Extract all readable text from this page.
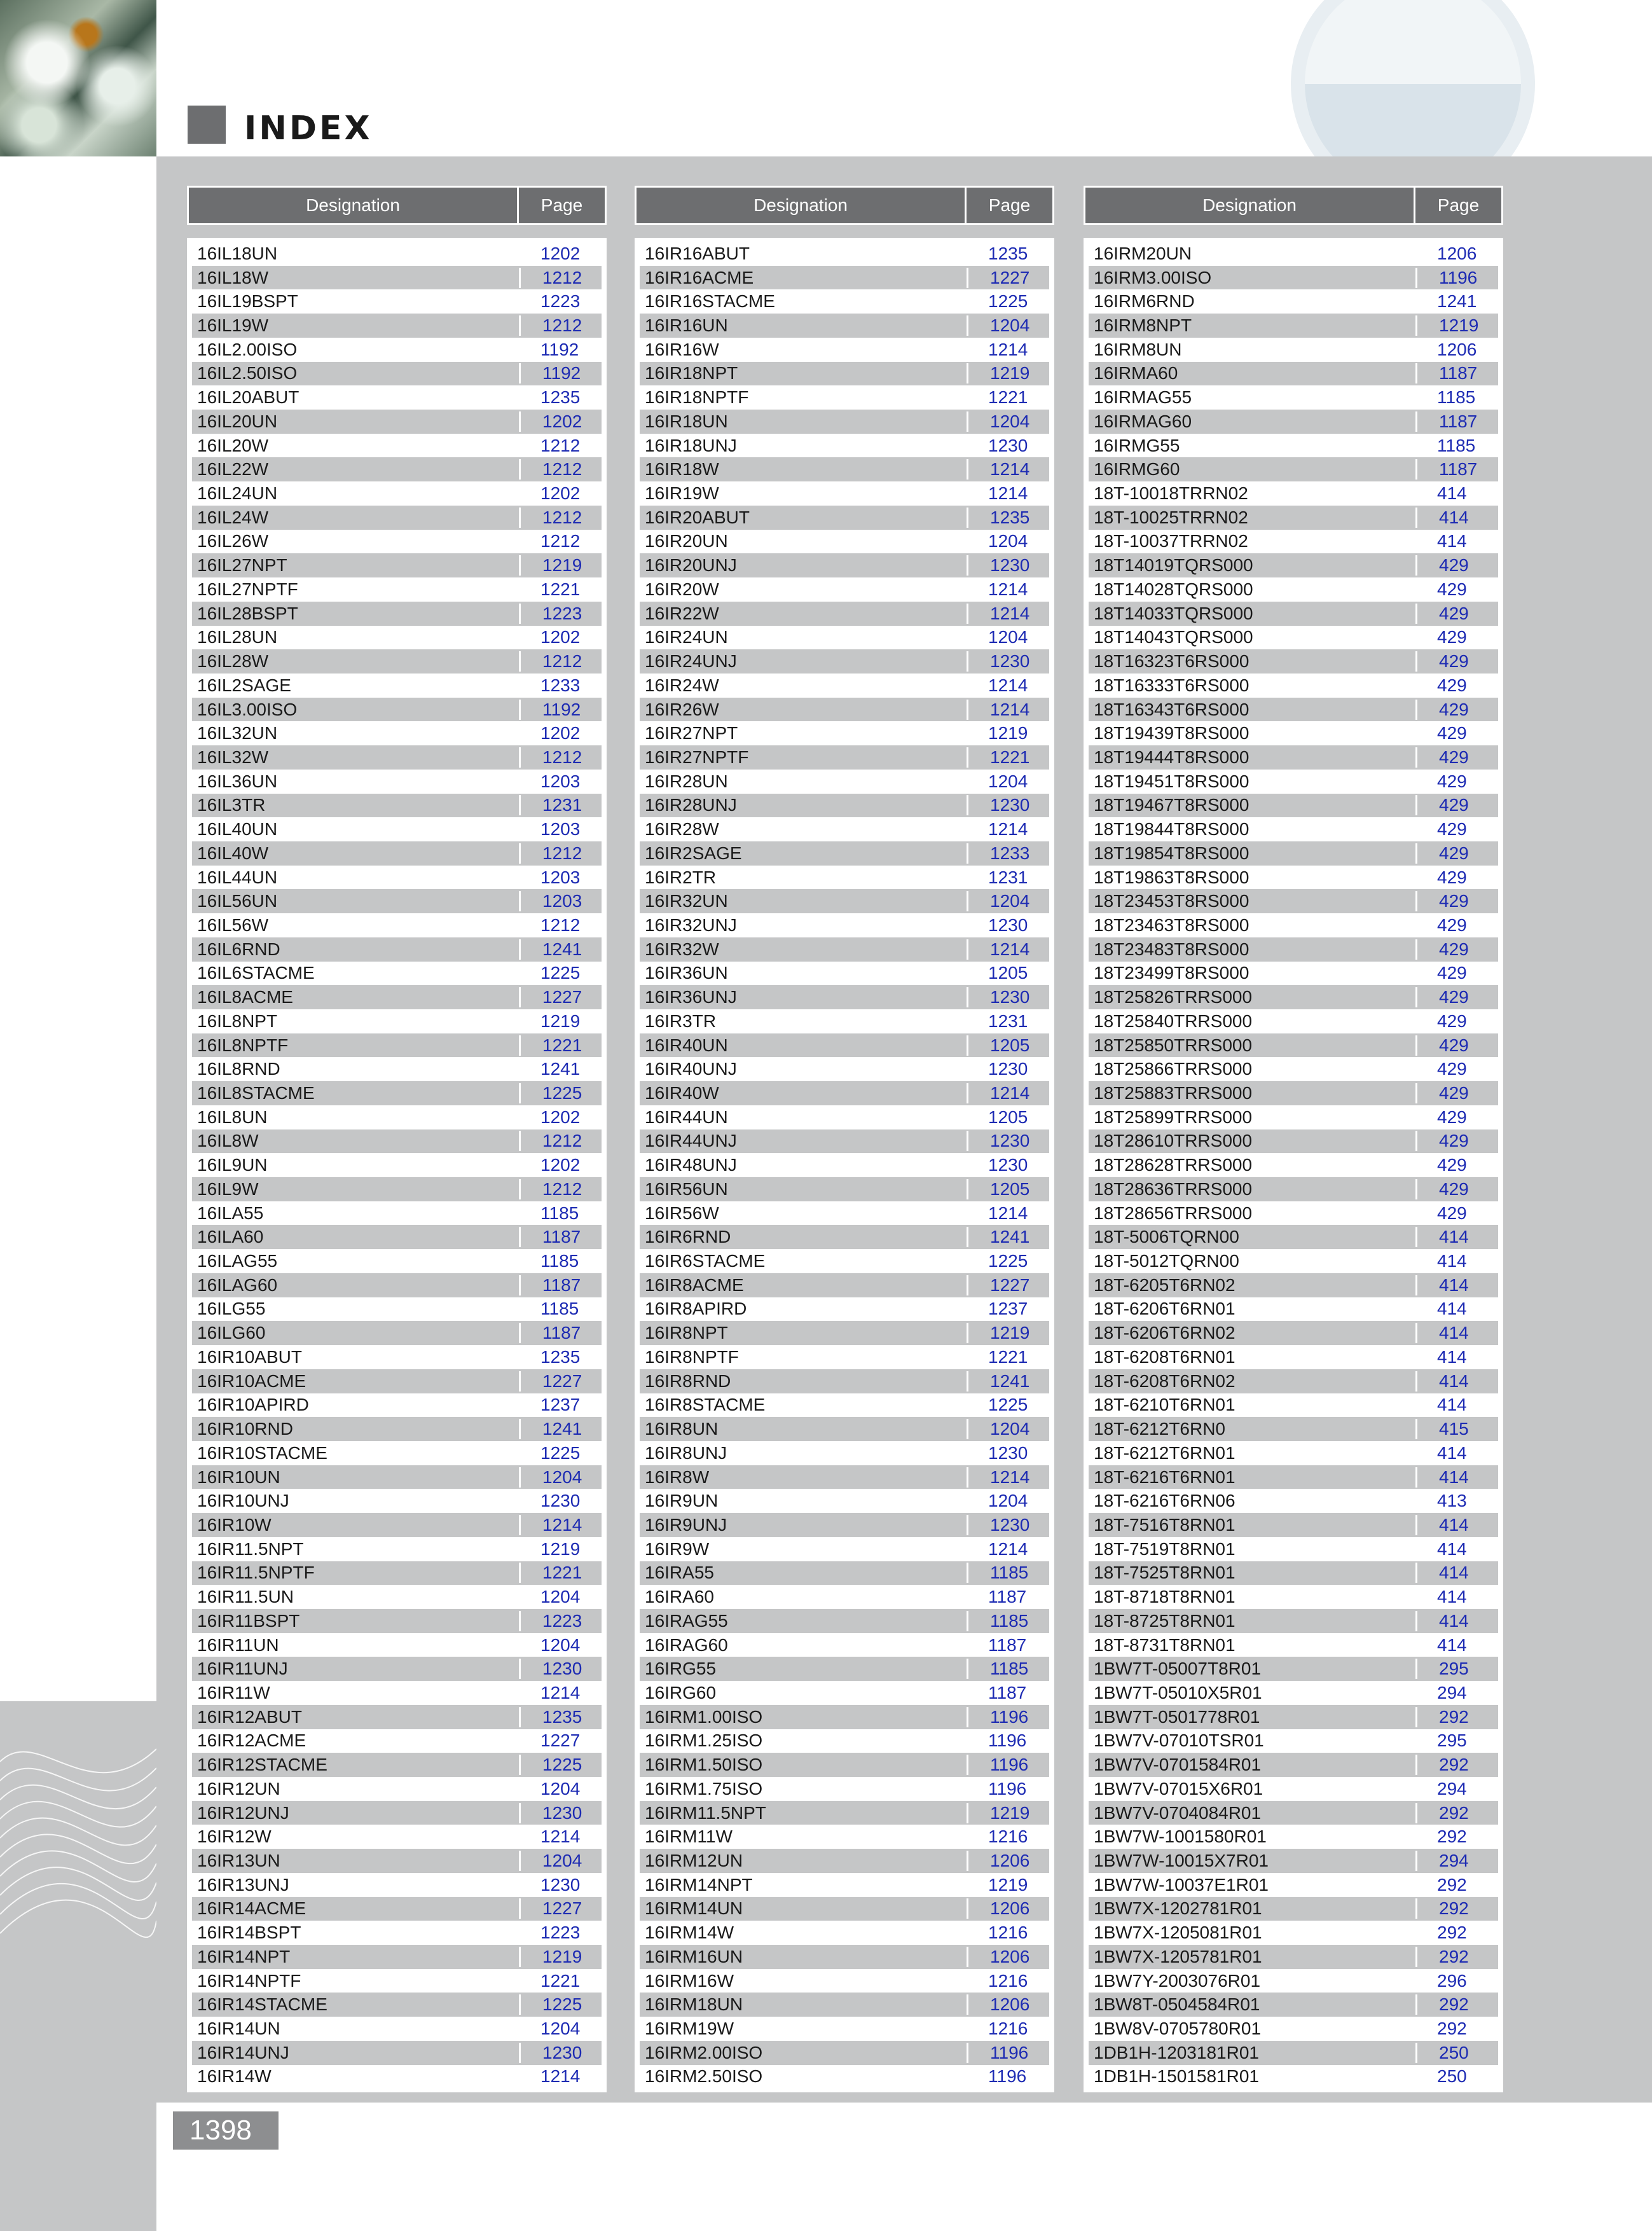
INDEX
Designation	Page
16IL18UN	1202
16IL18W	1212
16IL19BSPT	1223
16IL19W	1212
16IL2.00ISO	1192
16IL2.50ISO	1192
16IL20ABUT	1235
16IL20UN	1202
16IL20W	1212
16IL22W	1212
16IL24UN	1202
16IL24W	1212
16IL26W	1212
16IL27NPT	1219
16IL27NPTF	1221
16IL28BSPT	1223
16IL28UN	1202
16IL28W	1212
16IL2SAGE	1233
16IL3.00ISO	1192
16IL32UN	1202
16IL32W	1212
16IL36UN	1203
16IL3TR	1231
16IL40UN	1203
16IL40W	1212
16IL44UN	1203
16IL56UN	1203
16IL56W	1212
16IL6RND	1241
16IL6STACME	1225
16IL8ACME	1227
16IL8NPT	1219
16IL8NPTF	1221
16IL8RND	1241
16IL8STACME	1225
16IL8UN	1202
16IL8W	1212
16IL9UN	1202
16IL9W	1212
16ILA55	1185
16ILA60	1187
16ILAG55	1185
16ILAG60	1187
16ILG55	1185
16ILG60	1187
16IR10ABUT	1235
16IR10ACME	1227
16IR10APIRD	1237
16IR10RND	1241
16IR10STACME	1225
16IR10UN	1204
16IR10UNJ	1230
16IR10W	1214
16IR11.5NPT	1219
16IR11.5NPTF	1221
16IR11.5UN	1204
16IR11BSPT	1223
16IR11UN	1204
16IR11UNJ	1230
16IR11W	1214
16IR12ABUT	1235
16IR12ACME	1227
16IR12STACME	1225
16IR12UN	1204
16IR12UNJ	1230
16IR12W	1214
16IR13UN	1204
16IR13UNJ	1230
16IR14ACME	1227
16IR14BSPT	1223
16IR14NPT	1219
16IR14NPTF	1221
16IR14STACME	1225
16IR14UN	1204
16IR14UNJ	1230
16IR14W	1214
Designation	Page
16IR16ABUT	1235
16IR16ACME	1227
16IR16STACME	1225
16IR16UN	1204
16IR16W	1214
16IR18NPT	1219
16IR18NPTF	1221
16IR18UN	1204
16IR18UNJ	1230
16IR18W	1214
16IR19W	1214
16IR20ABUT	1235
16IR20UN	1204
16IR20UNJ	1230
16IR20W	1214
16IR22W	1214
16IR24UN	1204
16IR24UNJ	1230
16IR24W	1214
16IR26W	1214
16IR27NPT	1219
16IR27NPTF	1221
16IR28UN	1204
16IR28UNJ	1230
16IR28W	1214
16IR2SAGE	1233
16IR2TR	1231
16IR32UN	1204
16IR32UNJ	1230
16IR32W	1214
16IR36UN	1205
16IR36UNJ	1230
16IR3TR	1231
16IR40UN	1205
16IR40UNJ	1230
16IR40W	1214
16IR44UN	1205
16IR44UNJ	1230
16IR48UNJ	1230
16IR56UN	1205
16IR56W	1214
16IR6RND	1241
16IR6STACME	1225
16IR8ACME	1227
16IR8APIRD	1237
16IR8NPT	1219
16IR8NPTF	1221
16IR8RND	1241
16IR8STACME	1225
16IR8UN	1204
16IR8UNJ	1230
16IR8W	1214
16IR9UN	1204
16IR9UNJ	1230
16IR9W	1214
16IRA55	1185
16IRA60	1187
16IRAG55	1185
16IRAG60	1187
16IRG55	1185
16IRG60	1187
16IRM1.00ISO	1196
16IRM1.25ISO	1196
16IRM1.50ISO	1196
16IRM1.75ISO	1196
16IRM11.5NPT	1219
16IRM11W	1216
16IRM12UN	1206
16IRM14NPT	1219
16IRM14UN	1206
16IRM14W	1216
16IRM16UN	1206
16IRM16W	1216
16IRM18UN	1206
16IRM19W	1216
16IRM2.00ISO	1196
16IRM2.50ISO	1196
Designation	Page
16IRM20UN	1206
16IRM3.00ISO	1196
16IRM6RND	1241
16IRM8NPT	1219
16IRM8UN	1206
16IRMA60	1187
16IRMAG55	1185
16IRMAG60	1187
16IRMG55	1185
16IRMG60	1187
18T-10018TRRN02	414
18T-10025TRRN02	414
18T-10037TRRN02	414
18T14019TQRS000	429
18T14028TQRS000	429
18T14033TQRS000	429
18T14043TQRS000	429
18T16323T6RS000	429
18T16333T6RS000	429
18T16343T6RS000	429
18T19439T8RS000	429
18T19444T8RS000	429
18T19451T8RS000	429
18T19467T8RS000	429
18T19844T8RS000	429
18T19854T8RS000	429
18T19863T8RS000	429
18T23453T8RS000	429
18T23463T8RS000	429
18T23483T8RS000	429
18T23499T8RS000	429
18T25826TRRS000	429
18T25840TRRS000	429
18T25850TRRS000	429
18T25866TRRS000	429
18T25883TRRS000	429
18T25899TRRS000	429
18T28610TRRS000	429
18T28628TRRS000	429
18T28636TRRS000	429
18T28656TRRS000	429
18T-5006TQRN00	414
18T-5012TQRN00	414
18T-6205T6RN02	414
18T-6206T6RN01	414
18T-6206T6RN02	414
18T-6208T6RN01	414
18T-6208T6RN02	414
18T-6210T6RN01	414
18T-6212T6RN0	415
18T-6212T6RN01	414
18T-6216T6RN01	414
18T-6216T6RN06	413
18T-7516T8RN01	414
18T-7519T8RN01	414
18T-7525T8RN01	414
18T-8718T8RN01	414
18T-8725T8RN01	414
18T-8731T8RN01	414
1BW7T-05007T8R01	295
1BW7T-05010X5R01	294
1BW7T-0501778R01	292
1BW7V-07010TSR01	295
1BW7V-0701584R01	292
1BW7V-07015X6R01	294
1BW7V-0704084R01	292
1BW7W-1001580R01	292
1BW7W-10015X7R01	294
1BW7W-10037E1R01	292
1BW7X-1202781R01	292
1BW7X-1205081R01	292
1BW7X-1205781R01	292
1BW7Y-2003076R01	296
1BW8T-0504584R01	292
1BW8V-0705780R01	292
1DB1H-1203181R01	250
1DB1H-1501581R01	250
1398
